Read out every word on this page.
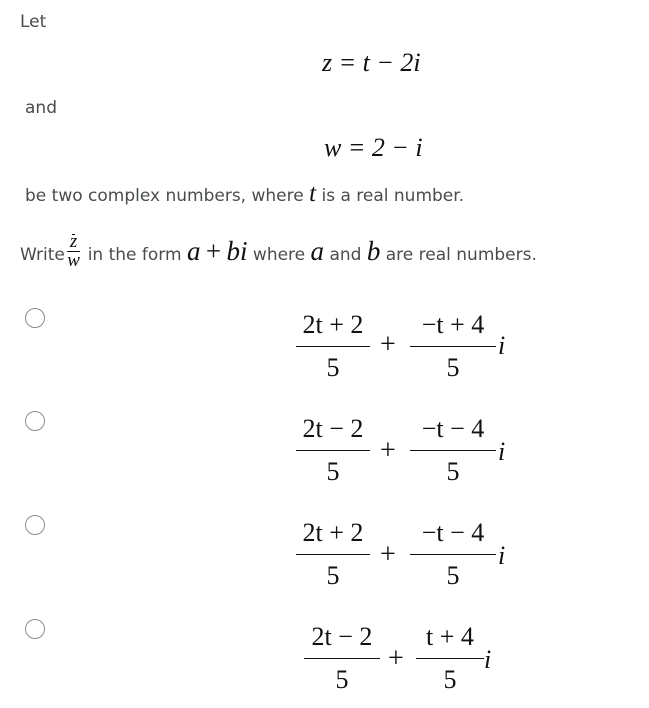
Let
z = t − 2i
and
w = 2 − i
be two complex numbers, where t is a real number.
Write $\frac{z}{w}$ in the form a + bi where a and b are real numbers.
$\frac{2t + 2}{5} + \frac{-t + 4}{5}$ i
$\frac{2t - 2}{5} + \frac{-t - 4}{5}$ i
$\frac{2t + 2}{5} + \frac{-t - 4}{5}$ i
$\frac{2t - 2}{5} + \frac{t + 4}{5}$ i
